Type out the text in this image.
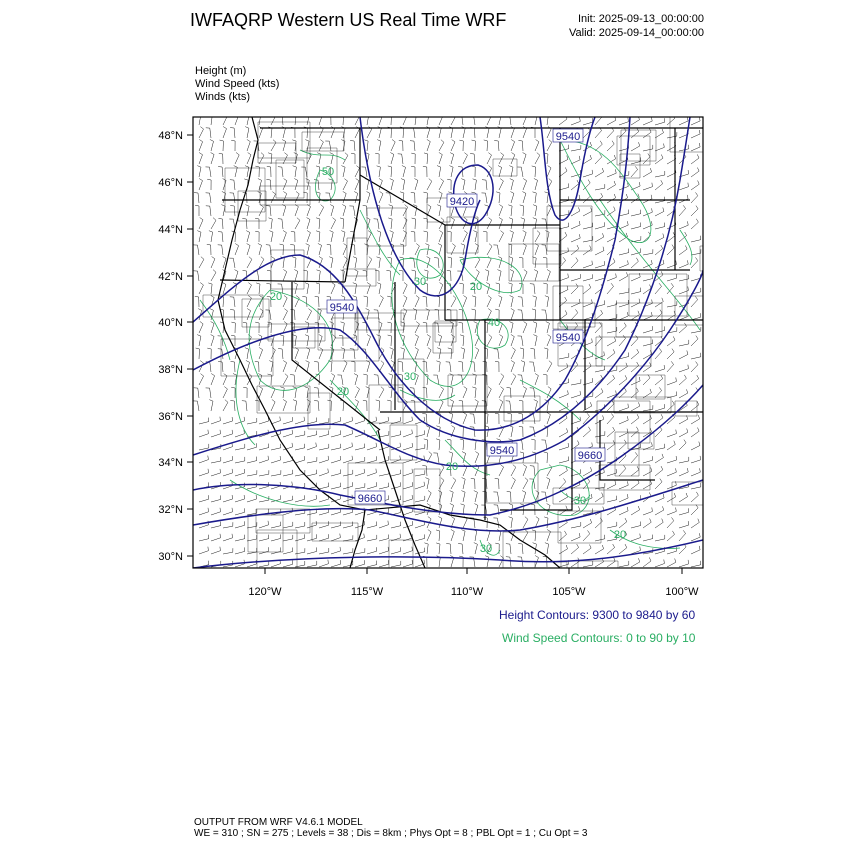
IWFAQRP Western US Real Time WRF	Init: 2025-09-13_00:00:00
Valid: 2025-09-14_00:00:00
Height (m)
Wind Speed (kts)
Winds (kts)
48°N
46°N
44°N
42°N
40°N
38°N
36°N
34°N
32°N
30°N
120°W	115°W	110°W	105°W	100°W
9540
9420
9540
9540
9540	9660
9660
50
20
30	20
40
30
20
20
30
30
20
Height Contours: 9300 to 9840 by 60
Wind Speed Contours: 0 to 90 by 10
OUTPUT FROM WRF V4.6.1 MODEL
WE = 310 ; SN = 275 ; Levels = 38 ; Dis = 8km ; Phys Opt = 8 ; PBL Opt = 1 ; Cu Opt = 3
